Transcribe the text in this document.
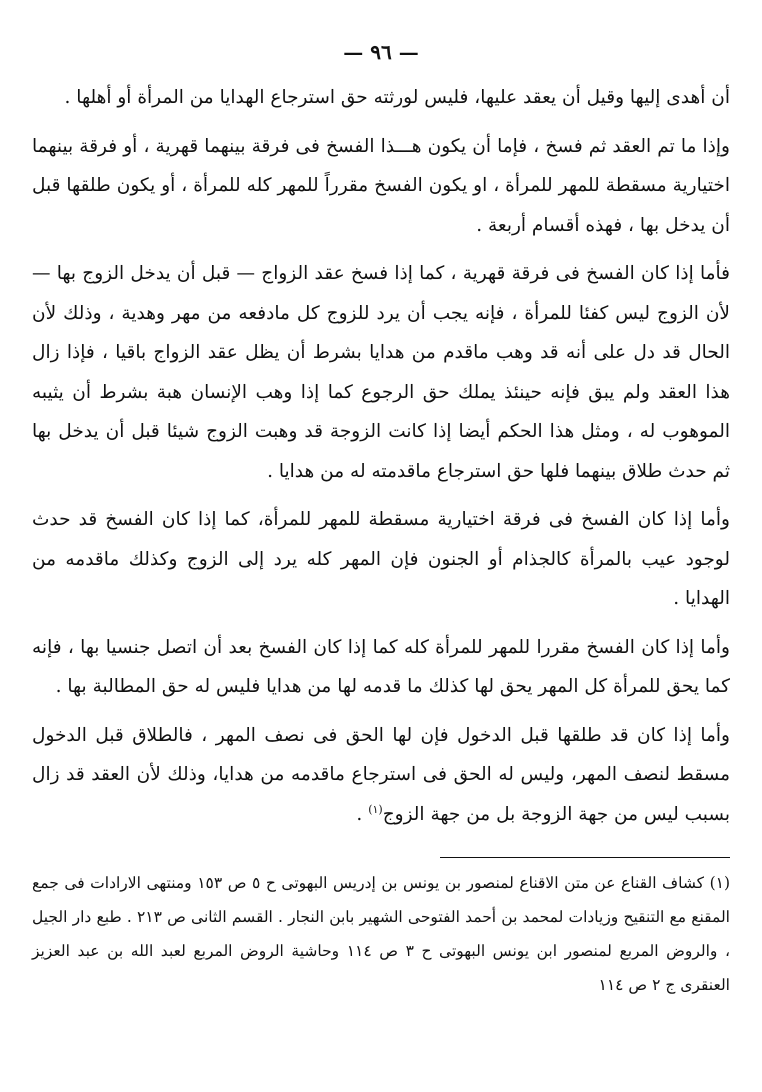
— ٩٦ —

أن أهدى إليها وقيل أن يعقد عليها، فليس لورثته حق استرجاع الهدايا من المرأة أو أهلها .

وإذا ما تم العقد ثم فسخ ، فإما أن يكون هـــذا الفسخ فى فرقة بينهما قهرية ، أو فرقة بينهما اختيارية مسقطة للمهر للمرأة ، او يكون الفسخ مقرراً للمهر كله للمرأة ، أو يكون طلقها قبل أن يدخل بها ، فهذه أقسام أربعة .

فأما إذا كان الفسخ فى فرقة قهرية ، كما إذا فسخ عقد الزواج — قبل أن يدخل الزوج بها — لأن الزوج ليس كفئا للمرأة ، فإنه يجب أن يرد للزوج كل مادفعه من مهر وهدية ، وذلك لأن الحال قد دل على أنه قد وهب ماقدم من هدايا بشرط أن يظل عقد الزواج باقيا ، فإذا زال هذا العقد ولم يبق فإنه حينئذ يملك حق الرجوع كما إذا وهب الإنسان هبة بشرط أن يثيبه الموهوب له ، ومثل هذا الحكم أيضا إذا كانت الزوجة قد وهبت الزوج شيئا قبل أن يدخل بها ثم حدث طلاق بينهما فلها حق استرجاع ماقدمته له من هدايا .

وأما إذا كان الفسخ فى فرقة اختيارية مسقطة للمهر للمرأة، كما إذا كان الفسخ قد حدث لوجود عيب بالمرأة كالجذام أو الجنون فإن المهر كله يرد إلى الزوج وكذلك ماقدمه من الهدايا .

وأما إذا كان الفسخ مقررا للمهر للمرأة كله كما إذا كان الفسخ بعد أن اتصل جنسيا بها ، فإنه كما يحق للمرأة كل المهر يحق لها كذلك ما قدمه لها من هدايا فليس له حق المطالبة بها .

وأما إذا كان قد طلقها قبل الدخول فإن لها الحق فى نصف المهر ، فالطلاق قبل الدخول مسقط لنصف المهر، وليس له الحق فى استرجاع ماقدمه من هدايا، وذلك لأن العقد قد زال بسبب ليس من جهة الزوجة بل من جهة الزوج$^{(١)}$ .

(١) كشاف القناع عن متن الاقناع لمنصور بن يونس بن إدريس البهوتى ح ٥ ص ١٥٣ ومنتهى الارادات فى جمع المقنع مع التنقيح وزيادات لمحمد بن أحمد الفتوحى الشهير بابن النجار . القسم الثانى ص ٢١٣ . طبع دار الجيل ، والروض المربع لمنصور ابن يونس البهوتى ح ٣ ص ١١٤ وحاشية الروض المربع لعبد الله بن عبد العزيز العنقرى ج ٢ ص ١١٤
